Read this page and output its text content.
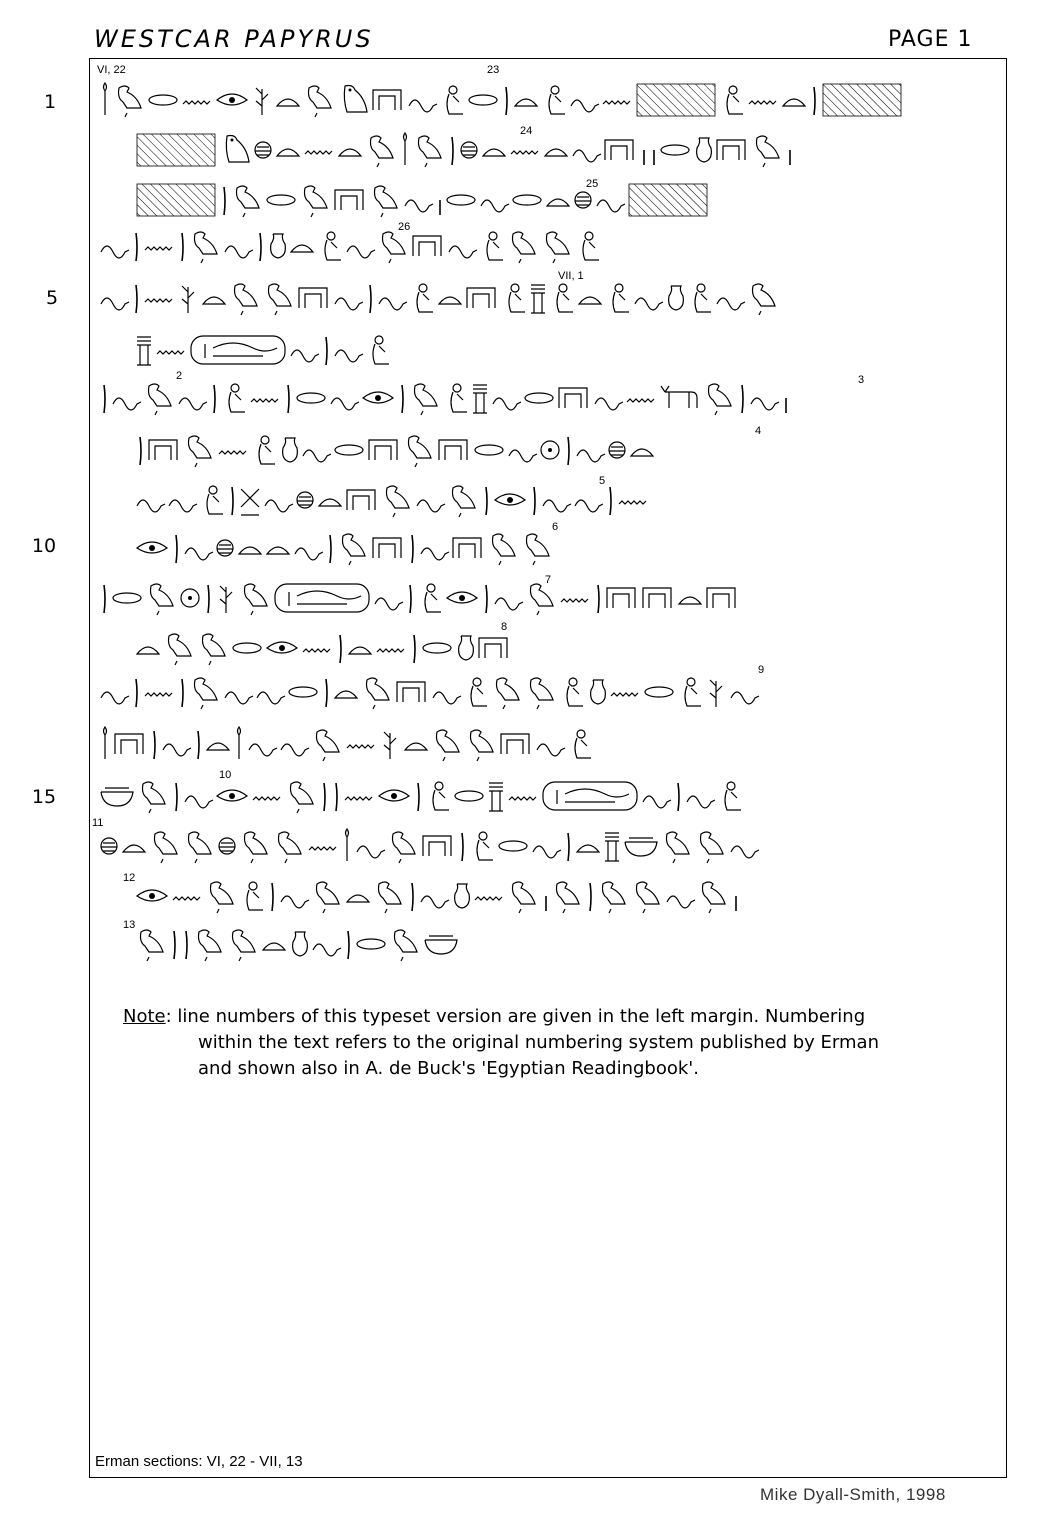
WESTCAR PAPYRUS	PAGE 1
1
5
10
15
VI, 22	23
24
25
26
VII, 1
2	3
4
5
6
7
8
9
10
11
12
13
Note: line numbers of this typeset version are given in the left margin. Numbering
within the text refers to the original numbering system published by Erman
and shown also in A. de Buck's 'Egyptian Readingbook'.
Erman sections: VI, 22 - VII, 13
Mike Dyall-Smith, 1998
